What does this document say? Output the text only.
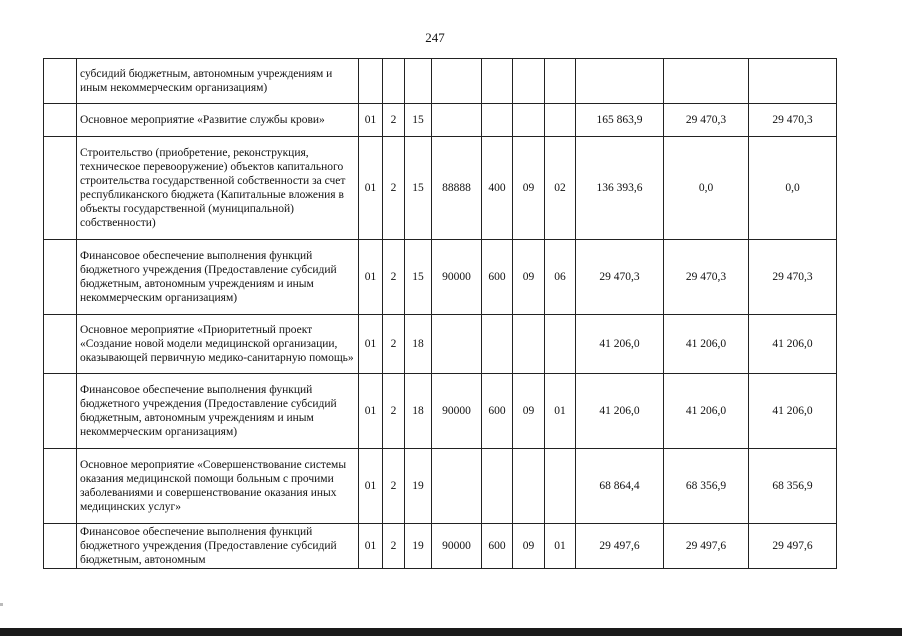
247
	субсидий бюджетным, автономным учреждениям и иным некоммерческим организациям)										
	Основное мероприятие «Развитие службы крови»	01	2	15					165 863,9	29 470,3	29 470,3
	Строительство (приобретение, реконструкция, техническое перевооружение) объектов капитального строительства государственной собственности за счет республиканского бюджета (Капитальные вложения в объекты государственной (муниципальной) собственности)	01	2	15	88888	400	09	02	136 393,6	0,0	0,0
	Финансовое обеспечение выполнения функций бюджетного учреждения (Предоставление субсидий бюджетным, автономным учреждениям и иным некоммерческим организациям)	01	2	15	90000	600	09	06	29 470,3	29 470,3	29 470,3
	Основное мероприятие «Приоритетный проект «Создание новой модели медицинской организации, оказывающей первичную медико-санитарную помощь»	01	2	18					41 206,0	41 206,0	41 206,0
	Финансовое обеспечение выполнения функций бюджетного учреждения (Предоставление субсидий бюджетным, автономным учреждениям и иным некоммерческим организациям)	01	2	18	90000	600	09	01	41 206,0	41 206,0	41 206,0
	Основное мероприятие «Совершенствование системы оказания медицинской помощи больным с прочими заболеваниями и совершенствование оказания иных медицинских услуг»	01	2	19					68 864,4	68 356,9	68 356,9
	Финансовое обеспечение выполнения функций бюджетного учреждения (Предоставление субсидий бюджетным, автономным	01	2	19	90000	600	09	01	29 497,6	29 497,6	29 497,6
